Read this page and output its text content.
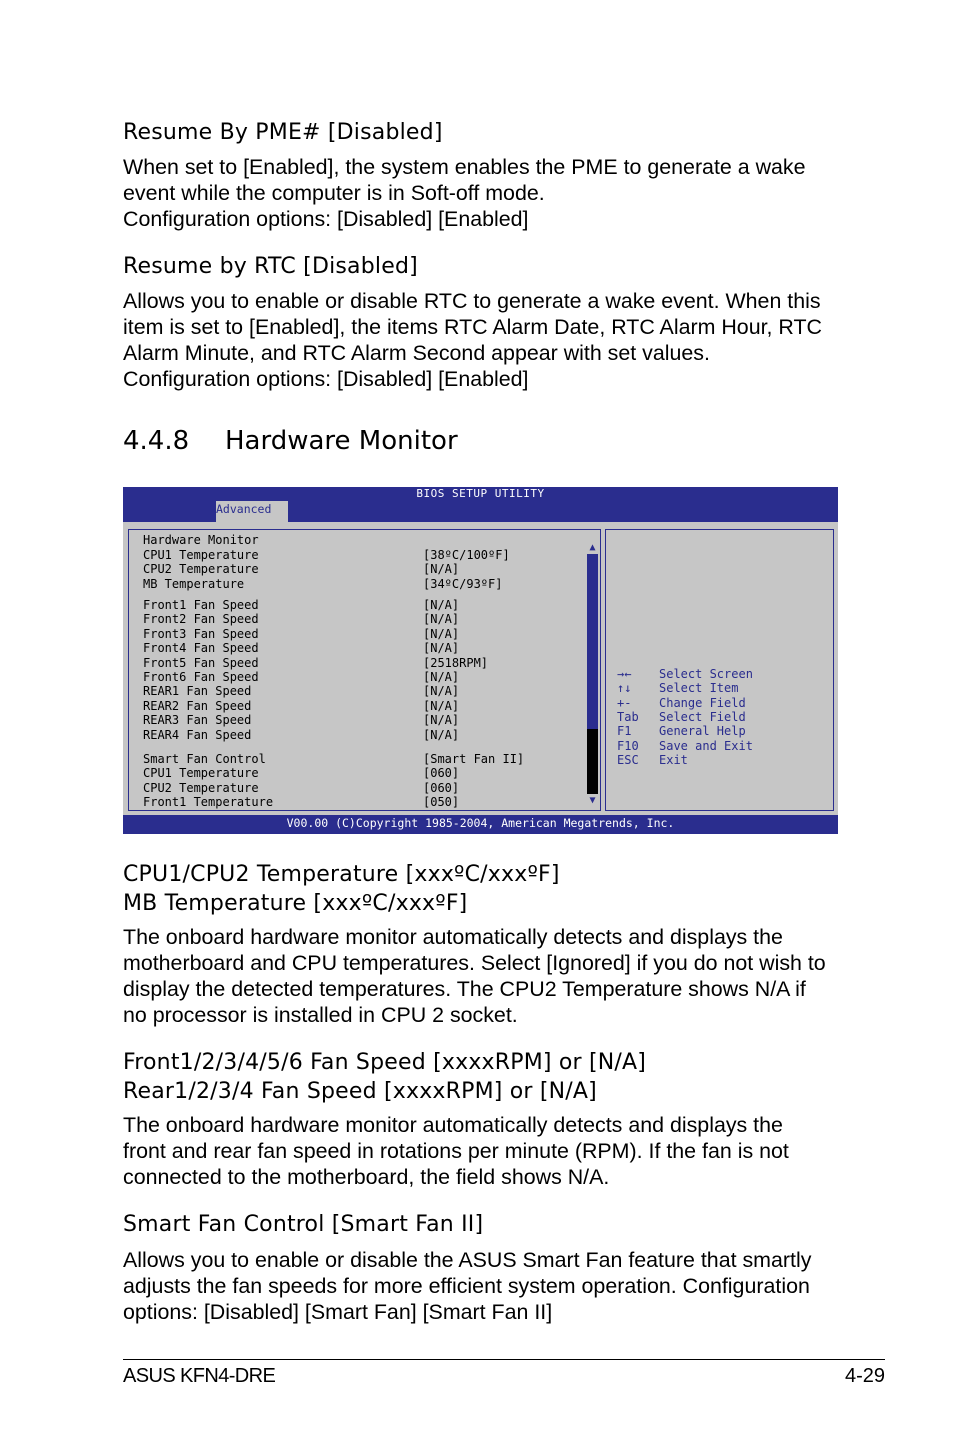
Resume By PME# [Disabled]
When set to [Enabled], the system enables the PME to generate a wake
event while the computer is in Soft-off mode.
Configuration options: [Disabled] [Enabled]
Resume by RTC [Disabled]
Allows you to enable or disable RTC to generate a wake event. When this
item is set to [Enabled], the items RTC Alarm Date, RTC Alarm Hour, RTC
Alarm Minute, and RTC Alarm Second appear with set values.
Configuration options: [Disabled] [Enabled]
4.4.8 Hardware Monitor
BIOS SETUP UTILITY
Advanced
Hardware Monitor
CPU1 Temperature	[38ºC/100ºF]
CPU2 Temperature	[N/A]
MB Temperature	[34ºC/93ºF]
Front1 Fan Speed	[N/A]
Front2 Fan Speed	[N/A]
Front3 Fan Speed	[N/A]
Front4 Fan Speed	[N/A]
Front5 Fan Speed	[2518RPM]
Front6 Fan Speed	[N/A]
REAR1 Fan Speed	[N/A]
REAR2 Fan Speed	[N/A]
REAR3 Fan Speed	[N/A]
REAR4 Fan Speed	[N/A]
Smart Fan Control	[Smart Fan II]
CPU1 Temperature	[060]
CPU2 Temperature	[060]
Front1 Temperature	[050]
▲
▼
→← Select Screen
↑↓ Select Item
+- Change Field
Tab Select Field
F1 General Help
F10 Save and Exit
ESC Exit
V00.00 (C)Copyright 1985-2004, American Megatrends, Inc.
CPU1/CPU2 Temperature [xxxºC/xxxºF]
MB Temperature [xxxºC/xxxºF]
The onboard hardware monitor automatically detects and displays the
motherboard and CPU temperatures. Select [Ignored] if you do not wish to
display the detected temperatures. The CPU2 Temperature shows N/A if
no processor is installed in CPU 2 socket.
Front1/2/3/4/5/6 Fan Speed [xxxxRPM] or [N/A]
Rear1/2/3/4 Fan Speed [xxxxRPM] or [N/A]
The onboard hardware monitor automatically detects and displays the
front and rear fan speed in rotations per minute (RPM). If the fan is not
connected to the motherboard, the field shows N/A.
Smart Fan Control [Smart Fan II]
Allows you to enable or disable the ASUS Smart Fan feature that smartly
adjusts the fan speeds for more efficient system operation. Configuration
options: [Disabled] [Smart Fan] [Smart Fan II]
ASUS KFN4-DRE	4-29
